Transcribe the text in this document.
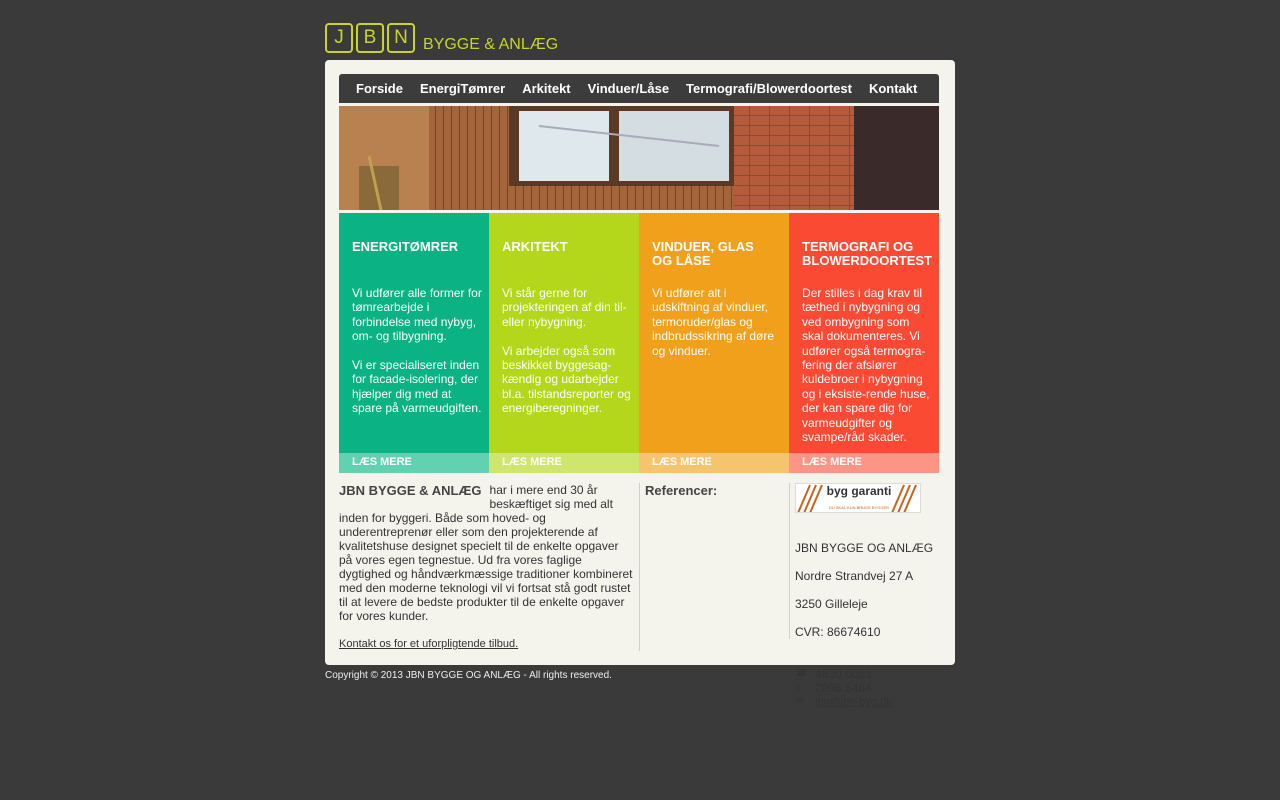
J	B N BYGGE & ANLÆG
Forside EnergiTømrer Arkitekt Vinduer/Låse Termografi/Blowerdoortest Kontakt
ENERGITØMRER

Vi udfører alle former for tømrearbejde i forbindelse med nybyg, om- og tilbygning.

Vi er specialiseret inden for facade-isolering, der hjælper dig med at spare på varmeudgiften.

LÆS MERE
ARKITEKT

Vi står gerne for projekteringen af din til- eller nybygning.

Vi arbejder også som beskikket byggesag-kændig og udarbejder bl.a. tilstandsreporter og energiberegninger.

LÆS MERE
VINDUER, GLAS
OG LÅSE

Vi udfører alt i udskiftning af vinduer, termoruder/glas og indbrudssikring af døre og vinduer.

LÆS MERE
TERMOGRAFI OG
BLOWERDOORTEST

Der stilles i dag krav til tæthed i nybygning og ved ombygning som skal dokumenteres. Vi udfører også termogra-fering der afslører kuldebroer i nybygning og i eksiste-rende huse, der kan spare dig for varmeudgifter og svampe/råd skader.

LÆS MERE
JBN BYGGE & ANLÆG har i mere end 30 år beskæftiget sig med alt inden for byggeri. Både som hoved- og underentreprenør eller som den projekterende af kvalitetshuse designet specielt til de enkelte opgaver på vores egen tegnestue. Ud fra vores faglige dygtighed og håndværkmæssige traditioner kombineret med den moderne teknologi vil vi fortsat stå godt rustet til at levere de bedste produkter til de enkelte opgaver for vores kunder.
Kontakt os for et uforpligtende tilbud.
Referencer:	byg garanti
DU SKAL KUN BRUGE BYGGER

JBN BYGGE OG ANLÆG

Nordre Strandvej 27 A

3250 Gilleleje

CVR: 86674610

☎ 4830 0063
▯	2098 5484
✉	jbn@jbn-byg.dk
Copyright © 2013 JBN BYGGE OG ANLÆG - All rights reserved.
